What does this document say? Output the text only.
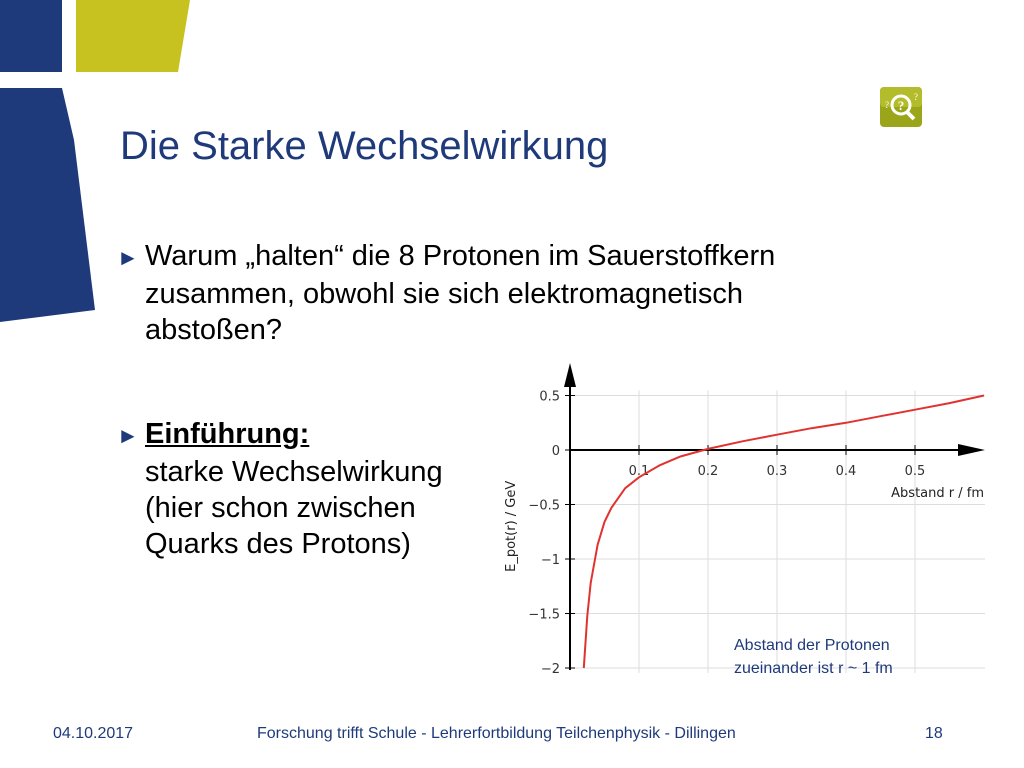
Die Starke Wechselwirkung
?
?
?
► Warum „halten“ die 8 Protonen im Sauerstoffkern
zusammen, obwohl sie sich elektromagnetisch
abstoßen?
► Einführung:
starke Wechselwirkung
(hier schon zwischen
Quarks des Protons)
0.1	0.2	0.3	0.4	0.5
0.5
0
−0.5
−1
−1.5
−2
Abstand r / fm
E_pot(r) / GeV
Abstand der Protonen
zueinander ist r ~ 1 fm
04.10.2017	Forschung trifft Schule - Lehrerfortbildung Teilchenphysik - Dillingen	18
